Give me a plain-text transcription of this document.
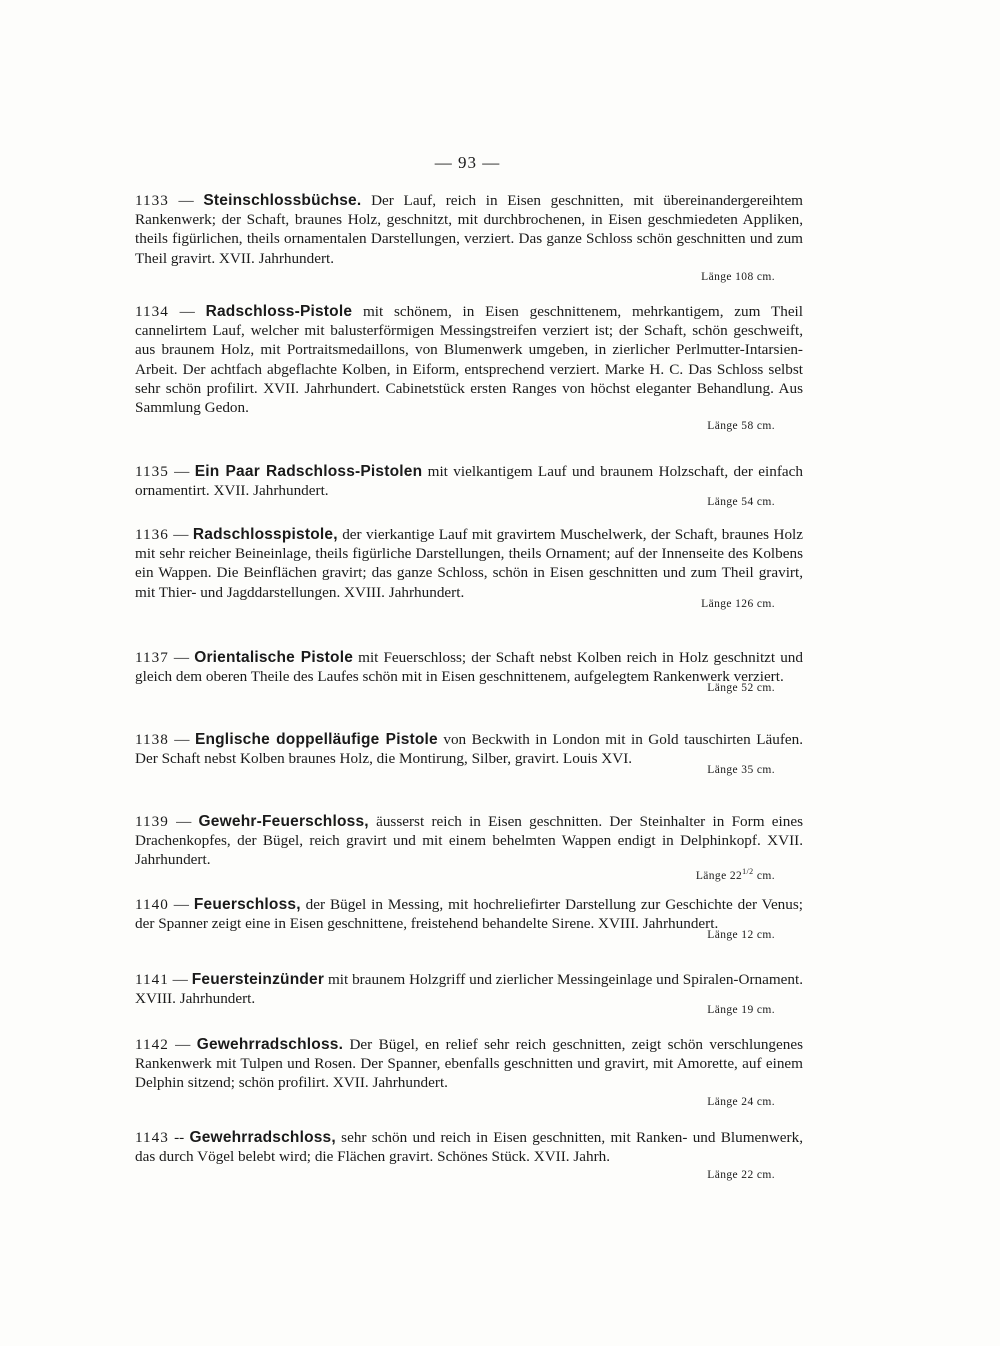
— 93 —

1133 — Steinschlossbüchse. Der Lauf, reich in Eisen geschnitten, mit übereinandergereihtem Rankenwerk; der Schaft, braunes Holz, geschnitzt, mit durchbrochenen, in Eisen geschmiedeten Appliken, theils figürlichen, theils ornamentalen Darstellungen, verziert. Das ganze Schloss schön geschnitten und zum Theil gravirt. XVII. Jahrhundert.

Länge 108 cm.

1134 — Radschloss-Pistole mit schönem, in Eisen geschnittenem, mehrkantigem, zum Theil cannelirtem Lauf, welcher mit balusterförmigen Messingstreifen verziert ist; der Schaft, schön geschweift, aus braunem Holz, mit Portraitsmedaillons, von Blumenwerk umgeben, in zierlicher Perlmutter-Intarsien-Arbeit. Der achtfach abgeflachte Kolben, in Eiform, entsprechend verziert. Marke H. C. Das Schloss selbst sehr schön profilirt. XVII. Jahrhundert. Cabinetstück ersten Ranges von höchst eleganter Behandlung. Aus Sammlung Gedon.

Länge 58 cm.

1135 — Ein Paar Radschloss-Pistolen mit vielkantigem Lauf und braunem Holzschaft, der einfach ornamentirt. XVII. Jahrhundert.

Länge 54 cm.

1136 — Radschlosspistole, der vierkantige Lauf mit gravirtem Muschelwerk, der Schaft, braunes Holz mit sehr reicher Beineinlage, theils figürliche Darstellungen, theils Ornament; auf der Innenseite des Kolbens ein Wappen. Die Beinflächen gravirt; das ganze Schloss, schön in Eisen geschnitten und zum Theil gravirt, mit Thier- und Jagddarstellungen. XVIII. Jahrhundert.

Länge 126 cm.

1137 — Orientalische Pistole mit Feuerschloss; der Schaft nebst Kolben reich in Holz geschnitzt und gleich dem oberen Theile des Laufes schön mit in Eisen geschnittenem, aufgelegtem Rankenwerk verziert.

Länge 52 cm.

1138 — Englische doppelläufige Pistole von Beckwith in London mit in Gold tauschirten Läufen. Der Schaft nebst Kolben braunes Holz, die Montirung, Silber, gravirt. Louis XVI.

Länge 35 cm.

1139 — Gewehr-Feuerschloss, äusserst reich in Eisen geschnitten. Der Steinhalter in Form eines Drachenkopfes, der Bügel, reich gravirt und mit einem behelmten Wappen endigt in Delphinkopf. XVII. Jahrhundert.

Länge $22^{1/2}$ cm.

1140 — Feuerschloss, der Bügel in Messing, mit hochreliefirter Darstellung zur Geschichte der Venus; der Spanner zeigt eine in Eisen geschnittene, freistehend behandelte Sirene. XVIII. Jahrhundert.

Länge 12 cm.

1141 — Feuersteinzünder mit braunem Holzgriff und zierlicher Messingeinlage und Spiralen-Ornament. XVIII. Jahrhundert.

Länge 19 cm.

1142 — Gewehrradschloss. Der Bügel, en relief sehr reich geschnitten, zeigt schön verschlungenes Rankenwerk mit Tulpen und Rosen. Der Spanner, ebenfalls geschnitten und gravirt, mit Amorette, auf einem Delphin sitzend; schön profilirt. XVII. Jahrhundert.

Länge 24 cm.

1143 -- Gewehrradschloss, sehr schön und reich in Eisen geschnitten, mit Ranken- und Blumenwerk, das durch Vögel belebt wird; die Flächen gravirt. Schönes Stück. XVII. Jahrh.

Länge 22 cm.
